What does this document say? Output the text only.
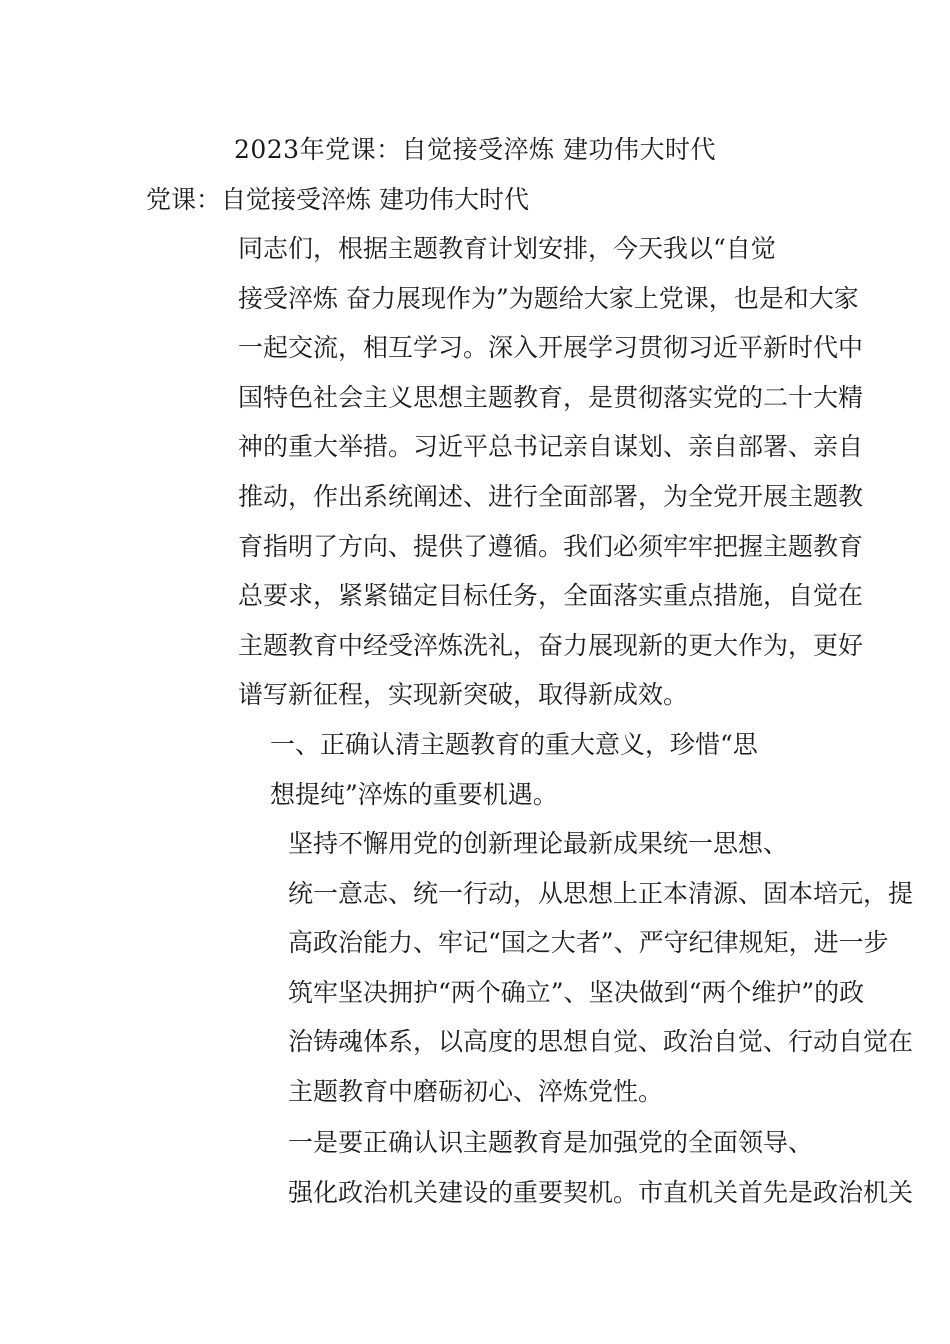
2023年党课：自觉接受淬炼 建功伟大时代
党课：自觉接受淬炼 建功伟大时代

同志们，根据主题教育计划安排，今天我以“自觉
接受淬炼 奋力展现作为”为题给大家上党课，也是和大家
一起交流，相互学习。深入开展学习贯彻习近平新时代中
国特色社会主义思想主题教育，是贯彻落实党的二十大精
神的重大举措。习近平总书记亲自谋划、亲自部署、亲自
推动，作出系统阐述、进行全面部署，为全党开展主题教
育指明了方向、提供了遵循。我们必须牢牢把握主题教育
总要求，紧紧锚定目标任务，全面落实重点措施，自觉在
主题教育中经受淬炼洗礼，奋力展现新的更大作为，更好
谱写新征程，实现新突破，取得新成效。

一、正确认清主题教育的重大意义，珍惜“思
想提纯”淬炼的重要机遇。

坚持不懈用党的创新理论最新成果统一思想、
统一意志、统一行动，从思想上正本清源、固本培元，提
高政治能力、牢记“国之大者”、严守纪律规矩，进一步
筑牢坚决拥护“两个确立”、坚决做到“两个维护”的政
治铸魂体系，以高度的思想自觉、政治自觉、行动自觉在
主题教育中磨砺初心、淬炼党性。

一是要正确认识主题教育是加强党的全面领导、
强化政治机关建设的重要契机。市直机关首先是政治机关
